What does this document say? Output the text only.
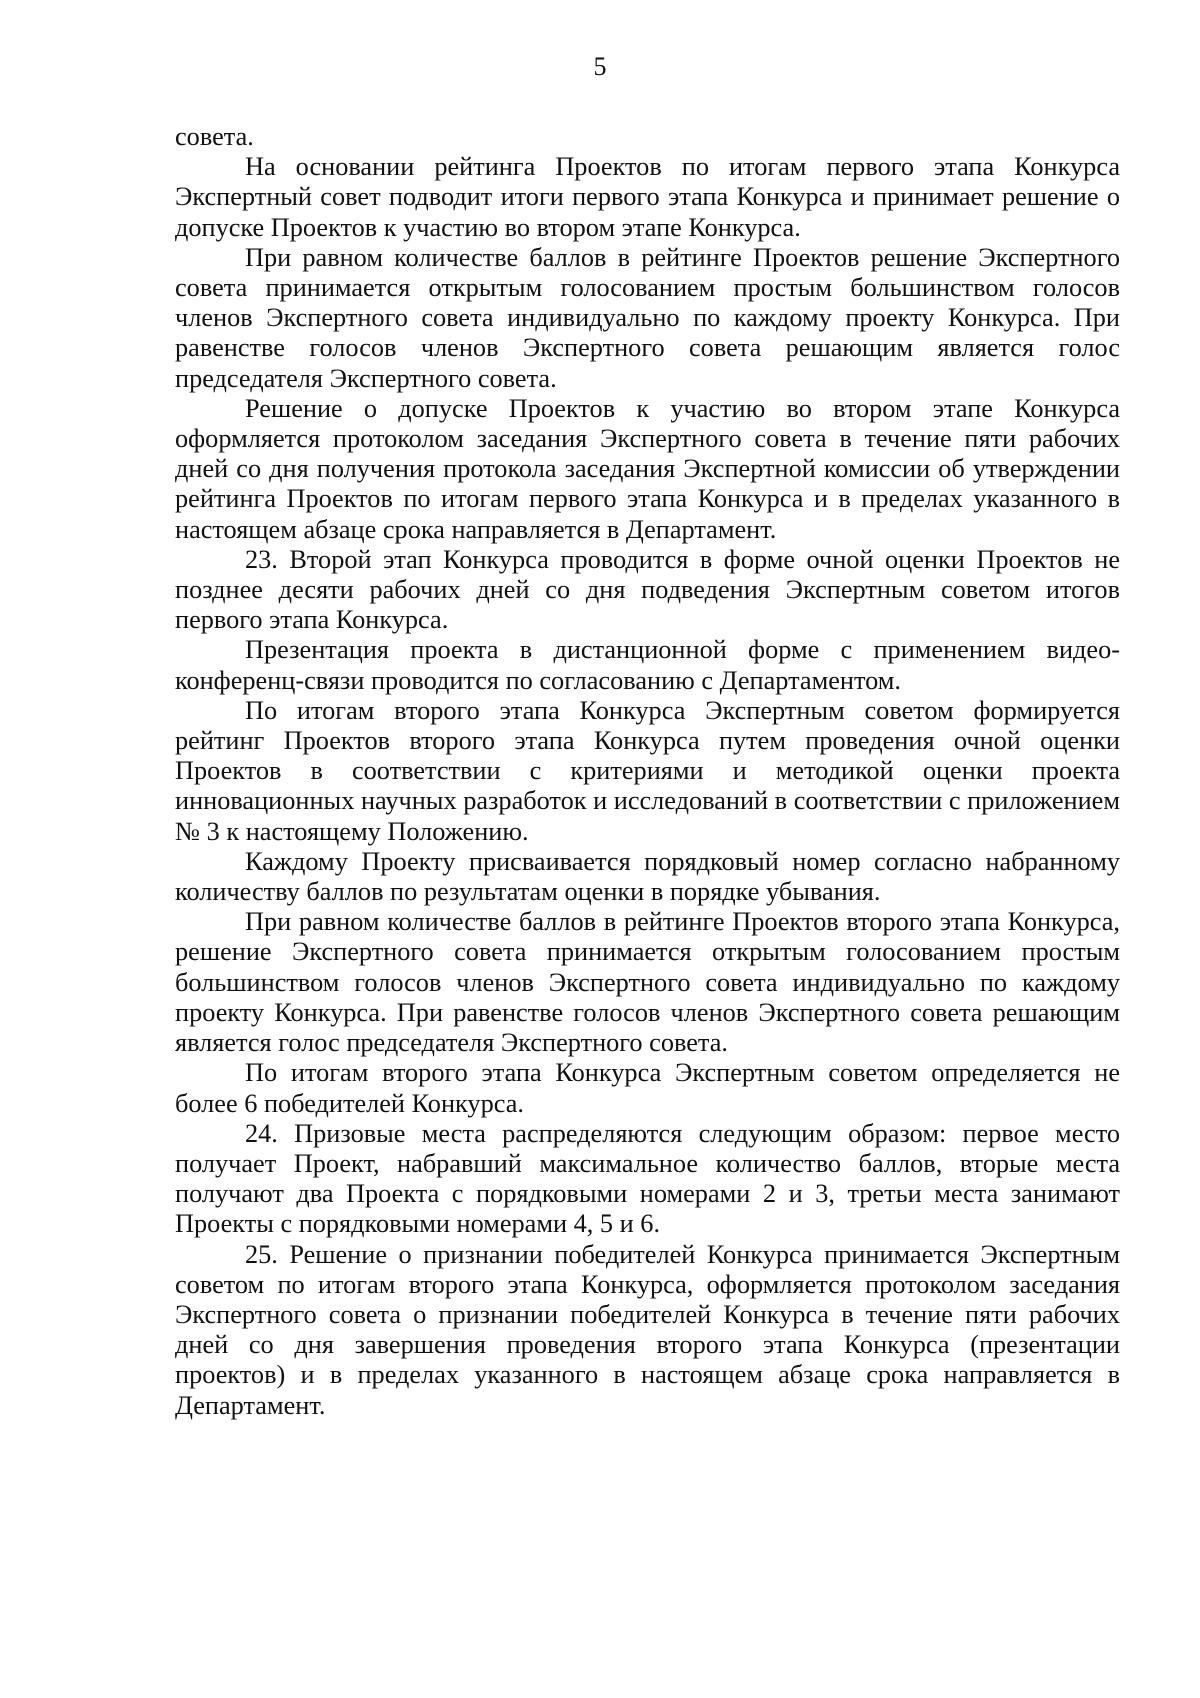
5

совета.

На основании рейтинга Проектов по итогам первого этапа Конкурса Экспертный совет подводит итоги первого этапа Конкурса и принимает решение о допуске Проектов к участию во втором этапе Конкурса.

При равном количестве баллов в рейтинге Проектов решение Экспертного совета принимается открытым голосованием простым большинством голосов членов Экспертного совета индивидуально по каждому проекту Конкурса. При равенстве голосов членов Экспертного совета решающим является голос председателя Экспертного совета.

Решение о допуске Проектов к участию во втором этапе Конкурса оформляется протоколом заседания Экспертного совета в течение пяти рабочих дней со дня получения протокола заседания Экспертной комиссии об утверждении рейтинга Проектов по итогам первого этапа Конкурса и в пределах указанного в настоящем абзаце срока направляется в Департамент.

23. Второй этап Конкурса проводится в форме очной оценки Проектов не позднее десяти рабочих дней со дня подведения Экспертным советом итогов первого этапа Конкурса.

Презентация проекта в дистанционной форме с применением видео-конференц-связи проводится по согласованию с Департаментом.

По итогам второго этапа Конкурса Экспертным советом формируется рейтинг Проектов второго этапа Конкурса путем проведения очной оценки Проектов в соответствии с критериями и методикой оценки проекта инновационных научных разработок и исследований в соответствии с приложением № 3 к настоящему Положению.

Каждому Проекту присваивается порядковый номер согласно набранному количеству баллов по результатам оценки в порядке убывания.

При равном количестве баллов в рейтинге Проектов второго этапа Конкурса, решение Экспертного совета принимается открытым голосованием простым большинством голосов членов Экспертного совета индивидуально по каждому проекту Конкурса. При равенстве голосов членов Экспертного совета решающим является голос председателя Экспертного совета.

По итогам второго этапа Конкурса Экспертным советом определяется не более 6 победителей Конкурса.

24. Призовые места распределяются следующим образом: первое место получает Проект, набравший максимальное количество баллов, вторые места получают два Проекта с порядковыми номерами 2 и 3, третьи места занимают Проекты с порядковыми номерами 4, 5 и 6.

25. Решение о признании победителей Конкурса принимается Экспертным советом по итогам второго этапа Конкурса, оформляется протоколом заседания Экспертного совета о признании победителей Конкурса в течение пяти рабочих дней со дня завершения проведения второго этапа Конкурса (презентации проектов) и в пределах указанного в настоящем абзаце срока направляется в Департамент.
